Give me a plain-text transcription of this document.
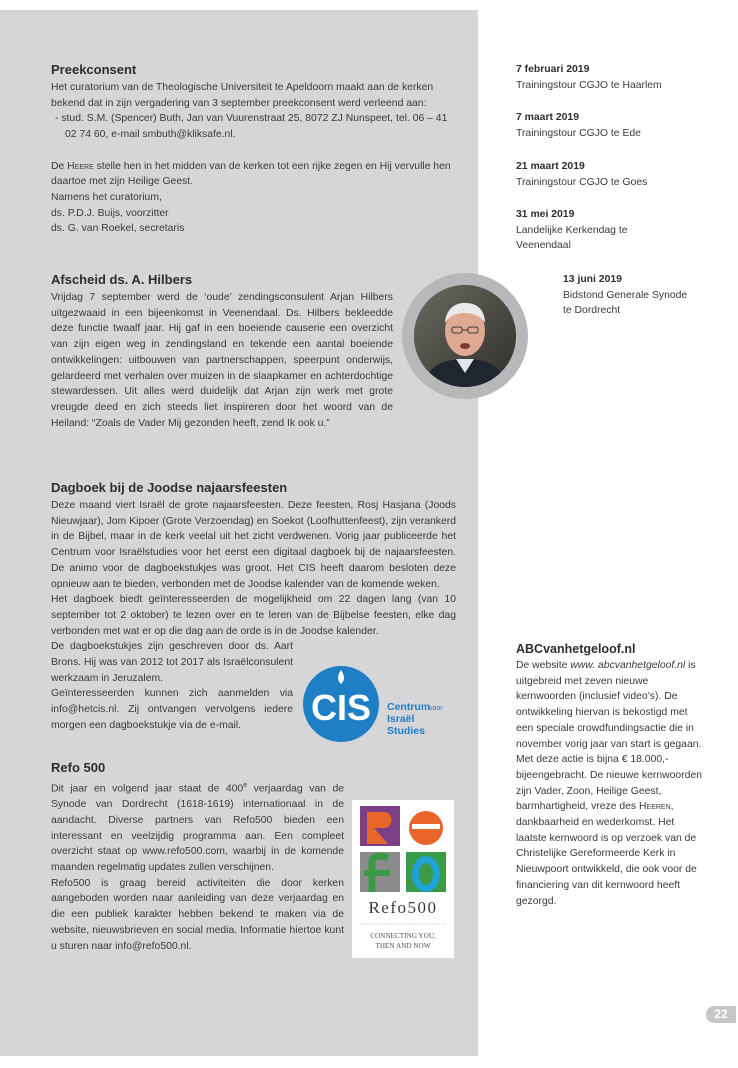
Preekconsent

Het curatorium van de Theologische Universiteit te Apeldoorn maakt aan de kerken bekend dat in zijn vergadering van 3 september preekconsent werd verleend aan:

- stud. S.M. (Spencer) Buth, Jan van Vuurenstraat 25, 8072 ZJ Nunspeet, tel. 06 – 41 02 74 60, e-mail smbuth@kliksafe.nl.

De Heere stelle hen in het midden van de kerken tot een rijke zegen en Hij vervulle hen daartoe met zijn Heilige Geest.

Namens het curatorium,

ds. P.D.J. Buijs, voorzitter

ds. G. van Roekel, secretaris

Afscheid ds. A. Hilbers

Vrijdag 7 september werd de ‘oude’ zendingsconsulent Arjan Hilbers uitgezwaaid in een bijeenkomst in Veenendaal. Ds. Hilbers bekleedde deze functie twaalf jaar. Hij gaf in een boeiende causerie een overzicht van zijn eigen weg in zendingsland en tekende een aantal boeiende ontwikkelingen: uitbouwen van partnerschappen, speerpunt onderwijs, gelardeerd met verhalen over muizen in de slaapkamer en achterdochtige stewardessen. Uit alles werd duidelijk dat Arjan zijn werk met grote vreugde deed en zich steeds liet inspireren door het woord van de Heiland: “Zoals de Vader Mij gezonden heeft, zend Ik ook u.”

Dagboek bij de Joodse najaarsfeesten

Deze maand viert Israël de grote najaarsfeesten. Deze feesten, Rosj Hasjana (Joods Nieuwjaar), Jom Kipoer (Grote Verzoendag) en Soekot (Loofhuttenfeest), zijn verankerd in de Bijbel, maar in de kerk veelal uit het zicht verdwenen. Vorig jaar publiceerde het Centrum voor Israëlstudies voor het eerst een digitaal dagboek bij de najaarsfeesten. De animo voor de dagboekstukjes was groot. Het CIS heeft daarom besloten deze opnieuw aan te bieden, verbonden met de Joodse kalender van de komende weken.

Het dagboek biedt geïnteresseerden de mogelijkheid om 22 dagen lang (van 10 september tot 2 oktober) te lezen over en te leren van de Bijbelse feesten, elke dag verbonden met wat er op die dag aan de orde is in de Joodse kalender.

De dagboekstukjes zijn geschreven door ds. Aart Brons. Hij was van 2012 tot 2017 als Israëlconsulent werkzaam in Jeruzalem.

Geïnteresseerden kunnen zich aanmelden via info@hetcis.nl. Zij ontvangen vervolgens iedere morgen een dagboekstukje via de e-mail.	CIS Centrum
voor
Israël
Studies
Refo 500

Dit jaar en volgend jaar staat de 400e verjaardag van de Synode van Dordrecht (1618-1619) internationaal in de aandacht. Diverse partners van Refo500 bieden een interessant en veelzijdig programma aan. Een compleet overzicht staat op www.refo500.com, waarbij in de komende maanden regelmatig updates zullen verschijnen.

Refo500 is graag bereid activiteiten die door kerken aangeboden worden naar aanleiding van deze verjaardag en die een publiek karakter hebben bekend te maken via de website, nieuwsbrieven en social media. Informatie hiertoe kunt u sturen naar info@refo500.nl.

Refo500
CONNECTING YOU,
THEN AND NOW
7 februari 2019
Trainingstour CGJO te Haarlem
7 maart 2019
Trainingstour CGJO te Ede
21 maart 2019
Trainingstour CGJO te Goes
31 mei 2019
Landelijke Kerkendag te Veenendaal
13 juni 2019
Bidstond Generale Synode te Dordrecht
ABCvanhetgeloof.nl

De website www. abcvanhetgeloof.nl is uitgebreid met zeven nieuwe kernwoorden (inclusief video’s). De ontwikkeling hiervan is bekostigd met een speciale crowdfundingsactie die in november vorig jaar van start is gegaan. Met deze actie is bijna € 18.000,- bijeengebracht. De nieuwe kernwoorden zijn Vader, Zoon, Heilige Geest, barmhartigheid, vreze des Heeren, dankbaarheid en wederkomst. Het laatste kernwoord is op verzoek van de Christelijke Gereformeerde Kerk in Nieuwpoort ontwikkeld, die ook voor de financiering van dit kernwoord heeft gezorgd.

22
